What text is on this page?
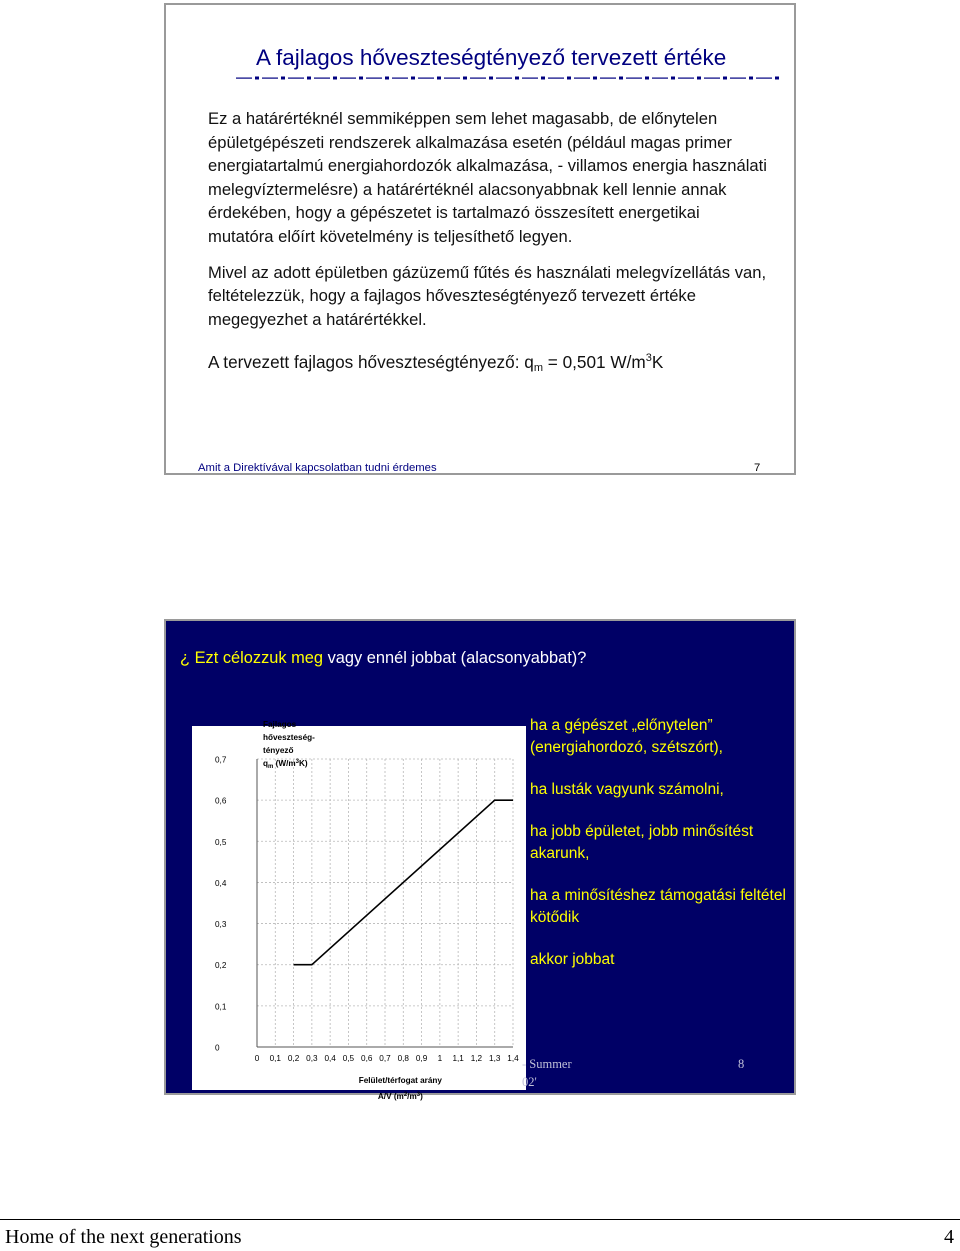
A fajlagos hőveszteségtényező tervezett értéke

Ez a határértéknél semmiképpen sem lehet magasabb, de előnytelen épületgépészeti rendszerek alkalmazása esetén (például magas primer energiatartalmú energiahordozók alkalmazása, - villamos energia használati melegvíztermelésre) a határértéknél alacsonyabbnak kell lennie annak érdekében, hogy a gépészetet is tartalmazó összesített energetikai mutatóra előírt követelmény is teljesíthető legyen.

Mivel az adott épületben gázüzemű fűtés és használati melegvízellátás van, feltételezzük, hogy a fajlagos hőveszteségtényező tervezett értéke megegyezhet a határértékkel.

A tervezett fajlagos hőveszteségtényező: $q_m = 0,501$ $W/m^3K$

Amit a Direktívával kapcsolatban tudni érdemes	7
¿ Ezt célozzuk meg vagy ennél jobbat (alacsonyabbat)?
0
0,1
0,2
0,3
0,4
0,5
0,6
0,7
0 0,1 0,2 0,3 0,4 0,5 0,6 0,7 0,8 0,9 1 1,1 1,2 1,3 1,4
Fajlagos
hőveszteség-
tényező
$q_m$ $(W/m^3K)$
Felület/térfogat arány
A/V $(m^2/m^3)$
ha a gépészet „előnytelen” (energiahordozó, szétszórt),
ha lusták vagyunk számolni,
ha jobb épületet, jobb minősítést akarunk,
ha a minősítéshez támogatási feltétel kötődik
akkor jobbat
- Summer
02'
8
Home of the next generations	4
